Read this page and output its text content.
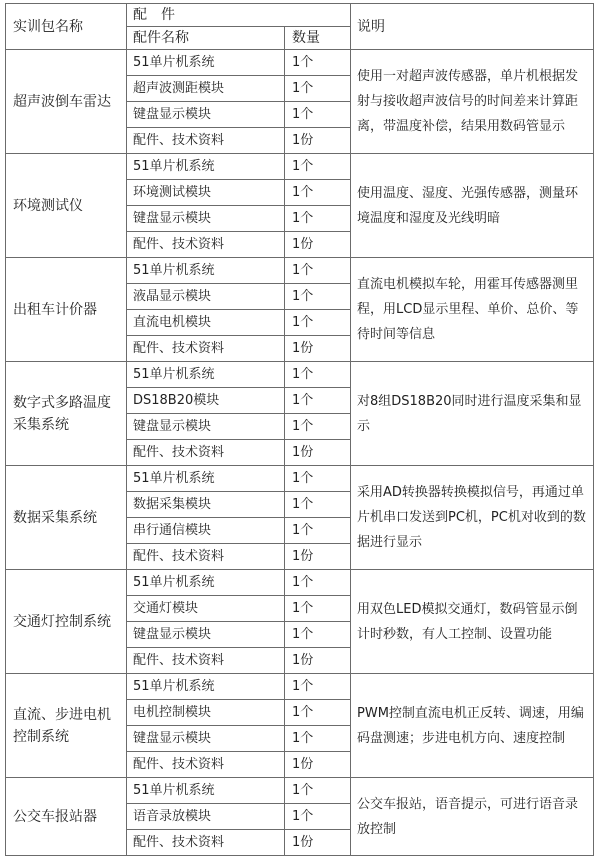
实训包名称	配　件		说明
	配件名称	数量	
超声波倒车雷达	51单片机系统	1个	使用一对超声波传感器，单片机根据发射与接收超声波信号的时间差来计算距离，带温度补偿，结果用数码管显示
	超声波测距模块	1个	
	键盘显示模块	1个	
	配件、技术资料	1份	
环境测试仪	51单片机系统	1个	使用温度、湿度、光强传感器，测量环境温度和湿度及光线明暗
	环境测试模块	1个	
	键盘显示模块	1个	
	配件、技术资料	1份	
出租车计价器	51单片机系统	1个	直流电机模拟车轮，用霍耳传感器测里程，用LCD显示里程、单价、总价、等待时间等信息
	液晶显示模块	1个	
	直流电机模块	1个	
	配件、技术资料	1份	
数字式多路温度采集系统	51单片机系统	1个	对8组DS18B20同时进行温度采集和显示
	DS18B20模块	1个	
	键盘显示模块	1个	
	配件、技术资料	1份	
数据采集系统	51单片机系统	1个	采用AD转换器转换模拟信号，再通过单片机串口发送到PC机，PC机对收到的数据进行显示
	数据采集模块	1个	
	串行通信模块	1个	
	配件、技术资料	1份	
交通灯控制系统	51单片机系统	1个	用双色LED模拟交通灯，数码管显示倒计时秒数，有人工控制、设置功能
	交通灯模块	1个	
	键盘显示模块	1个	
	配件、技术资料	1份	
直流、步进电机控制系统	51单片机系统	1个	PWM控制直流电机正反转、调速，用编码盘测速；步进电机方向、速度控制
	电机控制模块	1个	
	键盘显示模块	1个	
	配件、技术资料	1份	
公交车报站器	51单片机系统	1个	公交车报站，语音提示，可进行语音录放控制
	语音录放模块	1个	
	配件、技术资料	1份	
